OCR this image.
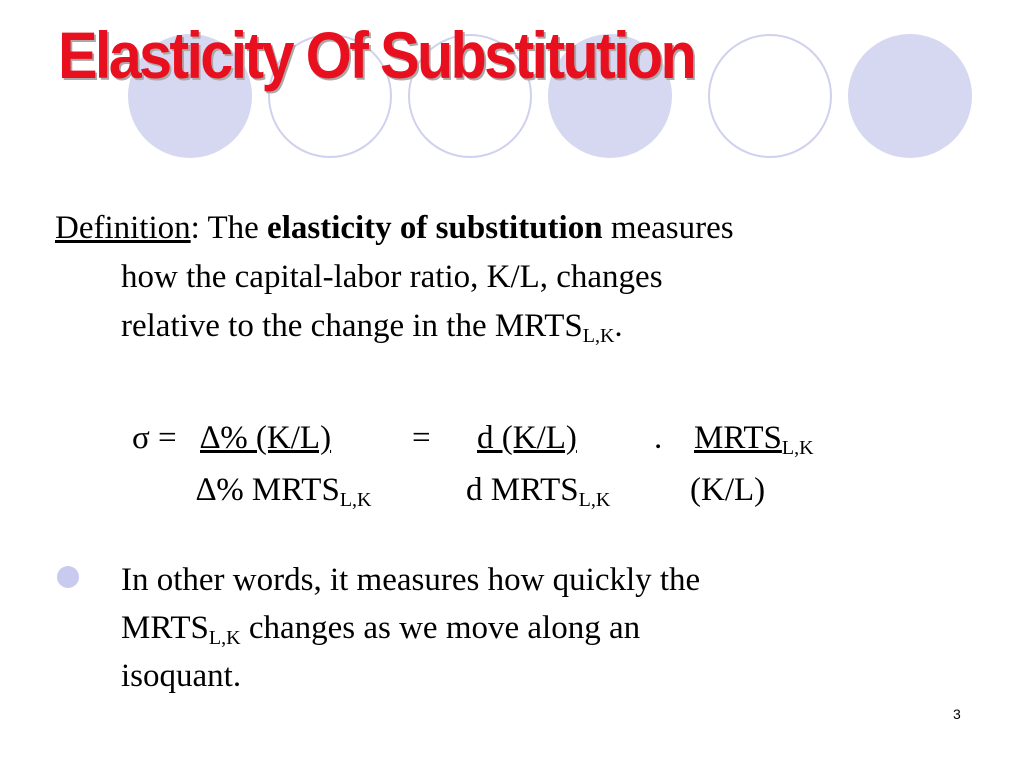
Elasticity Of Substitution
Definition: The elasticity of substitution measures
how the capital-labor ratio, K/L, changes
relative to the change in the $MRTS_{L,K}$.
σ = ∆% (K/L) = d (K/L) . $MRTS_{L,K}$
∆% $MRTS_{L,K}$	d $MRTS_{L,K}$ (K/L)
In other words, it measures how quickly the
$MRTS_{L,K}$ changes as we move along an
isoquant.
3
